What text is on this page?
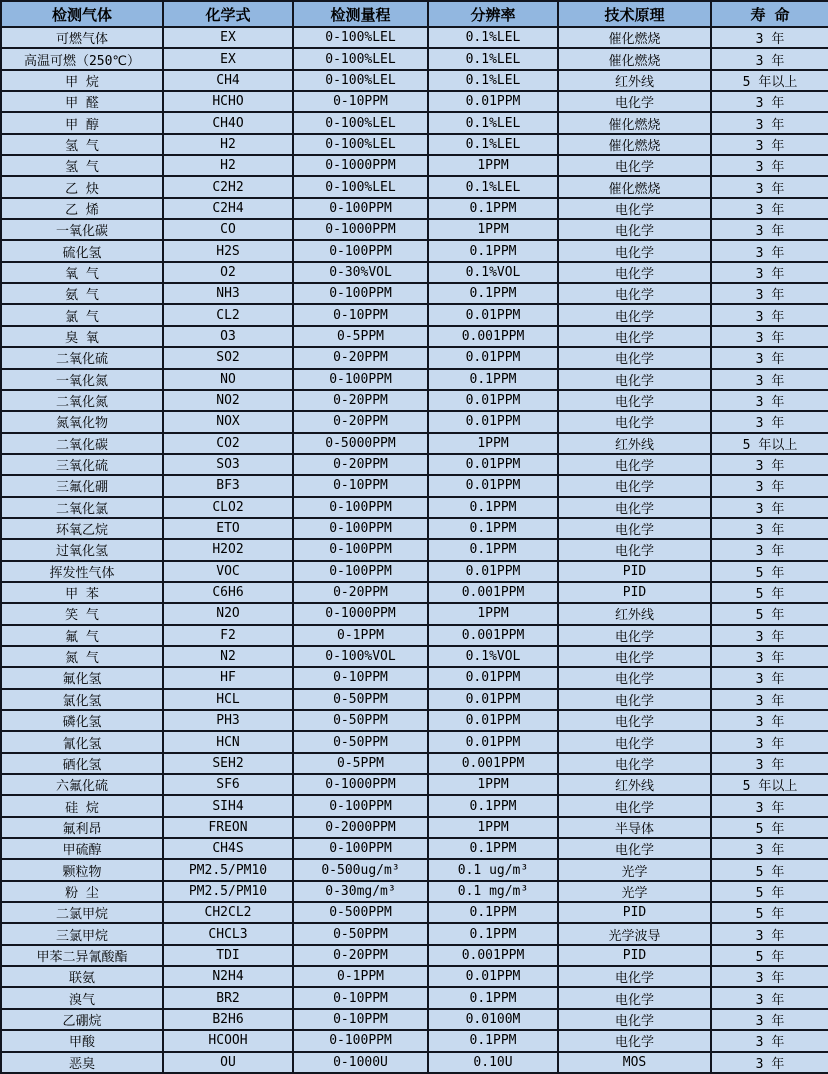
检测气体	化学式	检测量程	分辨率	技术原理	寿 命
可燃气体	EX	0-100%LEL	0.1%LEL	催化燃烧	3 年
高温可燃（250℃）	EX	0-100%LEL	0.1%LEL	催化燃烧	3 年
甲 烷	CH4	0-100%LEL	0.1%LEL	红外线	5 年以上
甲 醛	HCHO	0-10PPM	0.01PPM	电化学	3 年
甲 醇	CH4O	0-100%LEL	0.1%LEL	催化燃烧	3 年
氢 气	H2	0-100%LEL	0.1%LEL	催化燃烧	3 年
氢 气	H2	0-1000PPM	1PPM	电化学	3 年
乙 炔	C2H2	0-100%LEL	0.1%LEL	催化燃烧	3 年
乙 烯	C2H4	0-100PPM	0.1PPM	电化学	3 年
一氧化碳	CO	0-1000PPM	1PPM	电化学	3 年
硫化氢	H2S	0-100PPM	0.1PPM	电化学	3 年
氧 气	O2	0-30%VOL	0.1%VOL	电化学	3 年
氨 气	NH3	0-100PPM	0.1PPM	电化学	3 年
氯 气	CL2	0-10PPM	0.01PPM	电化学	3 年
臭 氧	O3	0-5PPM	0.001PPM	电化学	3 年
二氧化硫	SO2	0-20PPM	0.01PPM	电化学	3 年
一氧化氮	NO	0-100PPM	0.1PPM	电化学	3 年
二氧化氮	NO2	0-20PPM	0.01PPM	电化学	3 年
氮氧化物	NOX	0-20PPM	0.01PPM	电化学	3 年
二氧化碳	CO2	0-5000PPM	1PPM	红外线	5 年以上
三氧化硫	SO3	0-20PPM	0.01PPM	电化学	3 年
三氟化硼	BF3	0-10PPM	0.01PPM	电化学	3 年
二氧化氯	CLO2	0-100PPM	0.1PPM	电化学	3 年
环氧乙烷	ETO	0-100PPM	0.1PPM	电化学	3 年
过氧化氢	H2O2	0-100PPM	0.1PPM	电化学	3 年
挥发性气体	VOC	0-100PPM	0.01PPM	PID	5 年
甲 苯	C6H6	0-20PPM	0.001PPM	PID	5 年
笑 气	N2O	0-1000PPM	1PPM	红外线	5 年
氟 气	F2	0-1PPM	0.001PPM	电化学	3 年
氮 气	N2	0-100%VOL	0.1%VOL	电化学	3 年
氟化氢	HF	0-10PPM	0.01PPM	电化学	3 年
氯化氢	HCL	0-50PPM	0.01PPM	电化学	3 年
磷化氢	PH3	0-50PPM	0.01PPM	电化学	3 年
氰化氢	HCN	0-50PPM	0.01PPM	电化学	3 年
硒化氢	SEH2	0-5PPM	0.001PPM	电化学	3 年
六氟化硫	SF6	0-1000PPM	1PPM	红外线	5 年以上
硅 烷	SIH4	0-100PPM	0.1PPM	电化学	3 年
氟利昂	FREON	0-2000PPM	1PPM	半导体	5 年
甲硫醇	CH4S	0-100PPM	0.1PPM	电化学	3 年
颗粒物	PM2.5/PM10	0-500ug/m³	0.1 ug/m³	光学	5 年
粉 尘	PM2.5/PM10	0-30mg/m³	0.1 mg/m³	光学	5 年
二氯甲烷	CH2CL2	0-500PPM	0.1PPM	PID	5 年
三氯甲烷	CHCL3	0-50PPM	0.1PPM	光学波导	3 年
甲苯二异氰酸酯	TDI	0-20PPM	0.001PPM	PID	5 年
联氨	N2H4	0-1PPM	0.01PPM	电化学	3 年
溴气	BR2	0-10PPM	0.1PPM	电化学	3 年
乙硼烷	B2H6	0-10PPM	0.0100M	电化学	3 年
甲酸	HCOOH	0-100PPM	0.1PPM	电化学	3 年
恶臭	OU	0-1000U	0.10U	MOS	3 年
